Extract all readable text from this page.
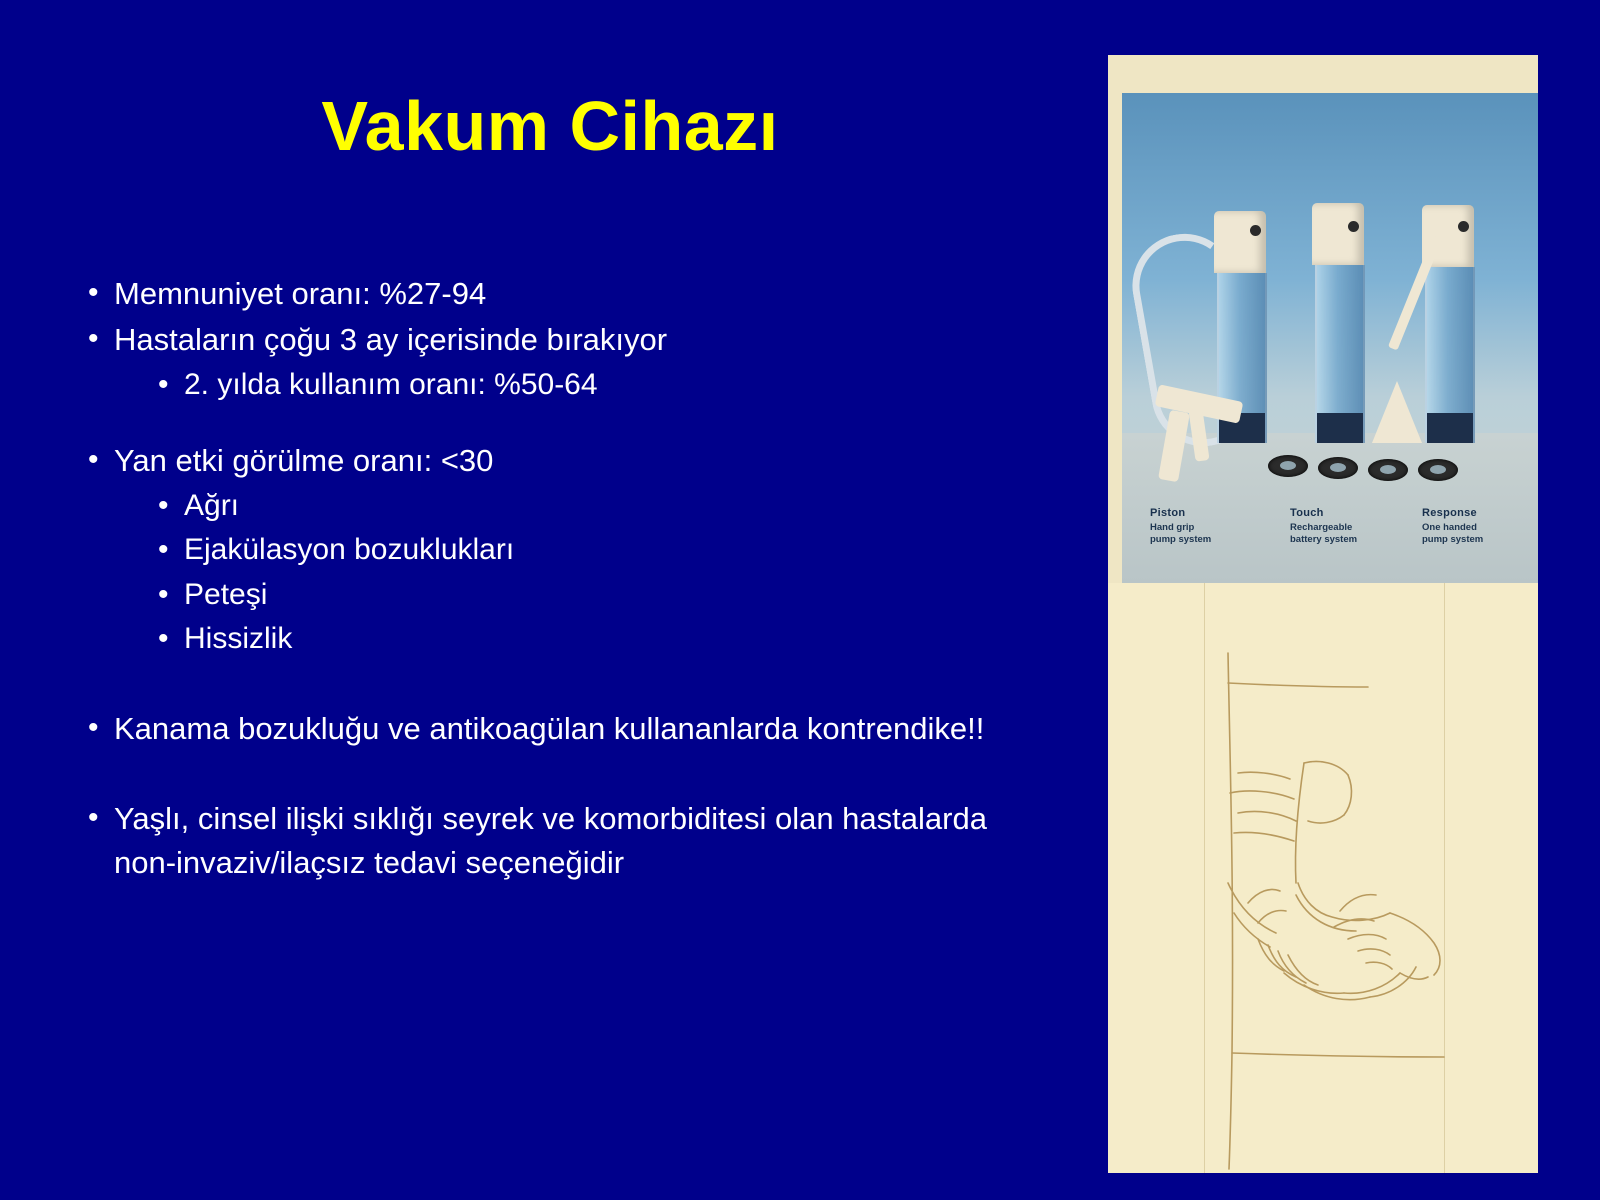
Vakum Cihazı
• Memnuniyet oranı: %27-94
• Hastaların çoğu 3 ay içerisinde bırakıyor
• 2. yılda kullanım oranı: %50-64
• Yan etki görülme oranı: <30
• Ağrı
• Ejakülasyon bozuklukları
• Peteşi
• Hissizlik
• Kanama bozukluğu ve antikoagülan kullananlarda kontrendike!!
• Yaşlı, cinsel ilişki sıklığı seyrek ve komorbiditesi olan hastalarda non-invaziv/ilaçsız tedavi seçeneğidir
Piston
Hand grip
pump system
Touch
Rechargeable
battery system
Response
One handed
pump system
